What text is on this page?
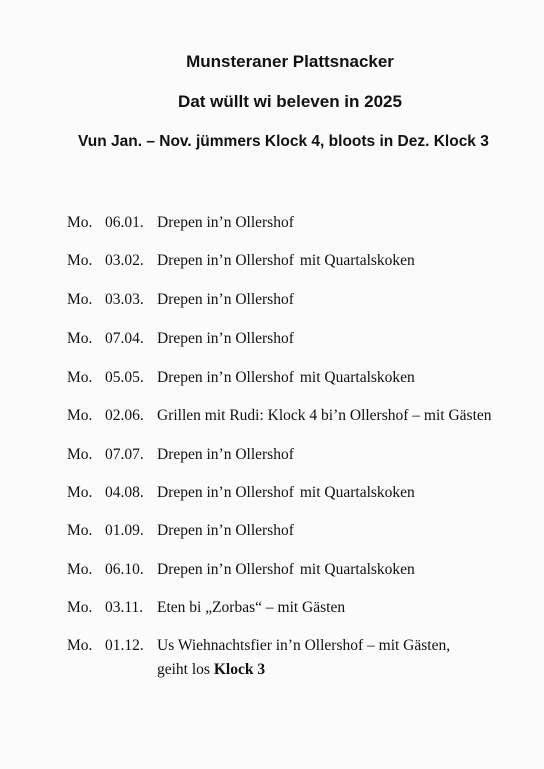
Munsteraner Plattsnacker
Dat wüllt wi beleven in 2025
Vun Jan. – Nov. jümmers Klock 4, bloots in Dez. Klock 3
Mo. 06.01. Drepen in’n Ollershof
Mo. 03.02. Drepen in’n Ollershof mit Quartalskoken
Mo. 03.03. Drepen in’n Ollershof
Mo. 07.04. Drepen in’n Ollershof
Mo. 05.05. Drepen in’n Ollershof mit Quartalskoken
Mo. 02.06. Grillen mit Rudi: Klock 4 bi’n Ollershof – mit Gästen
Mo. 07.07. Drepen in’n Ollershof
Mo. 04.08. Drepen in’n Ollershof mit Quartalskoken
Mo. 01.09. Drepen in’n Ollershof
Mo. 06.10. Drepen in’n Ollershof mit Quartalskoken
Mo. 03.11. Eten bi „Zorbas“ – mit Gästen
Mo. 01.12. Us Wiehnachtsfier in’n Ollershof – mit Gästen,
geiht los Klock 3
